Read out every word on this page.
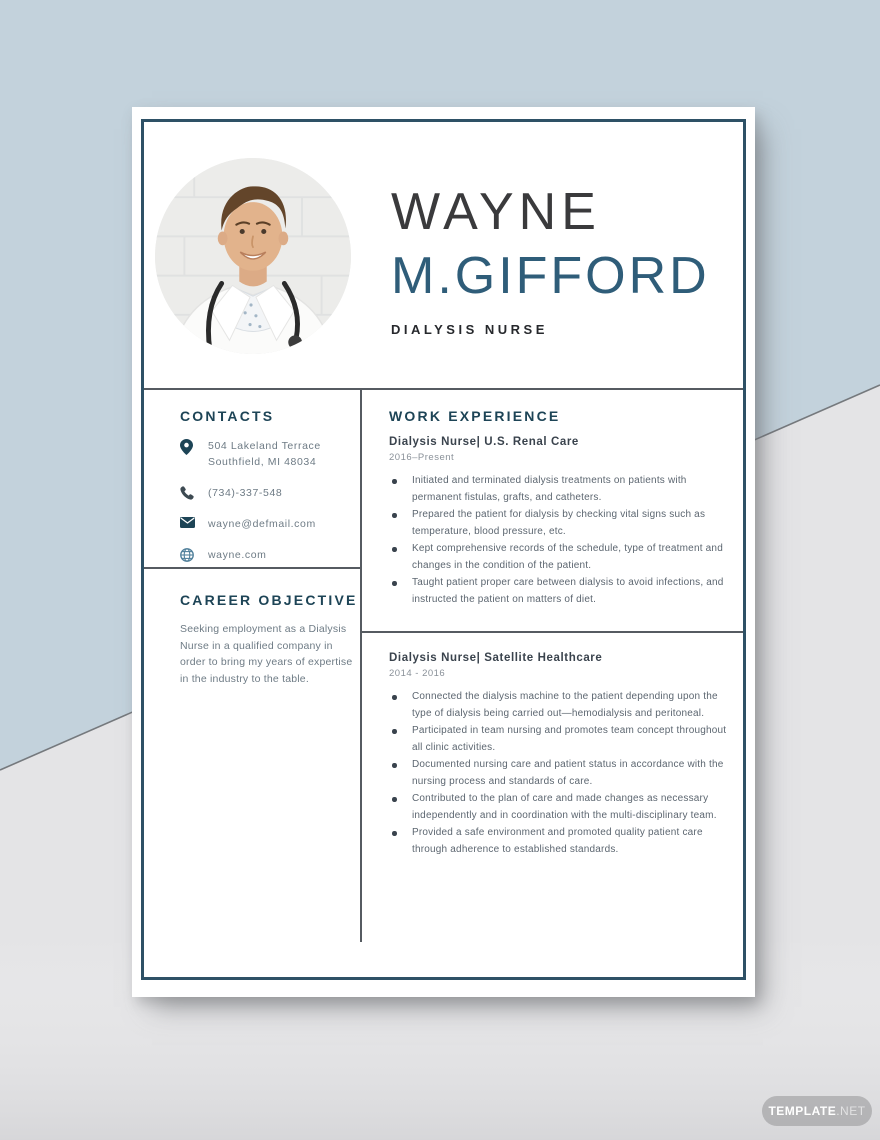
WAYNE
M.GIFFORD
DIALYSIS NURSE
CONTACTS
504 Lakeland Terrace
Southfield, MI 48034
(734)-337-548
wayne@defmail.com
wayne.com
CAREER OBJECTIVE
Seeking employment as a Dialysis Nurse in a qualified company in order to bring my years of expertise in the industry to the table.
WORK EXPERIENCE
Dialysis Nurse| U.S. Renal Care
2016–Present
Initiated and terminated dialysis treatments on patients with permanent fistulas, grafts, and catheters.
Prepared the patient for dialysis by checking vital signs such as temperature, blood pressure, etc.
Kept comprehensive records of the schedule, type of treatment and changes in the condition of the patient.
Taught patient proper care between dialysis to avoid infections, and instructed the patient on matters of diet.
Dialysis Nurse| Satellite Healthcare
2014 - 2016
Connected the dialysis machine to the patient depending upon the type of dialysis being carried out—hemodialysis and peritoneal.
Participated in team nursing and promotes team concept throughout all clinic activities.
Documented nursing care and patient status in accordance with the nursing process and standards of care.
Contributed to the plan of care and made changes as necessary independently and in coordination with the multi-disciplinary team.
Provided a safe environment and promoted quality patient care through adherence to established standards.
TEMPLATE .NET
